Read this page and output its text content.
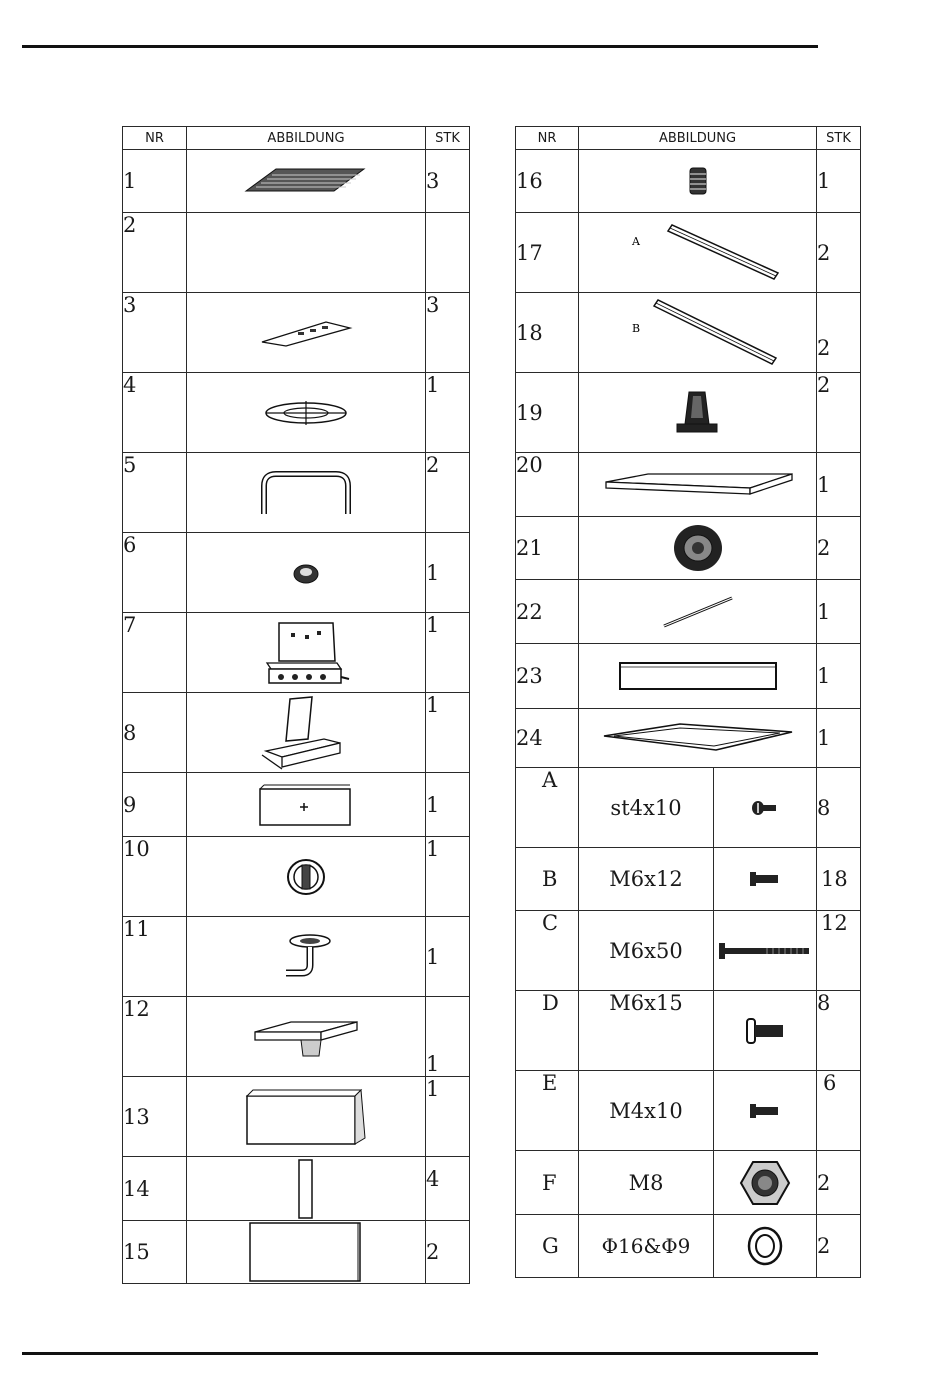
NR	ABBILDUNG	STK
1		3
2		
3		3
4		1
5		2
6		1
7		1
8		1
9		1
10		1
11		1
12		1
13		1
14		4
15		2
NR	ABBILDUNG		STK
16			1
17	A		2
18	B		2
19			2
20			1
21			2
22			1
23			1
24			1
A	st4x10		8
B	M6x12		18
C	M6x50		12
D	M6x15		8
E	M4x10		6
F	M8		2
G	Φ16&Φ9		2
